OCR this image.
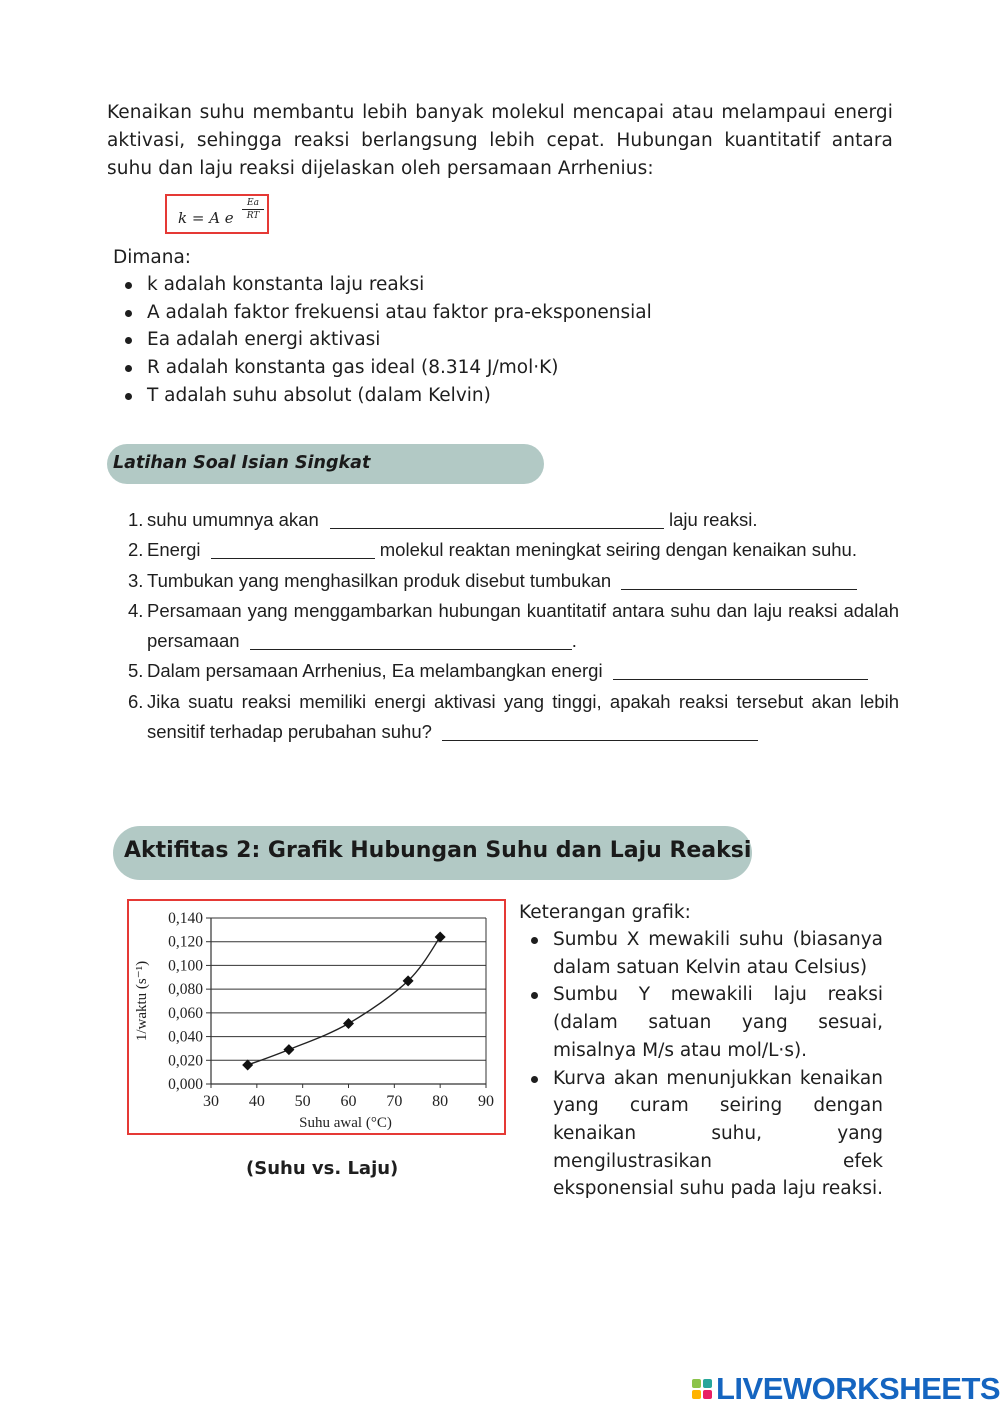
Kenaikan suhu membantu lebih banyak molekul mencapai atau melampaui energi aktivasi, sehingga reaksi berlangsung lebih cepat. Hubungan kuantitatif antara suhu dan laju reaksi dijelaskan oleh persamaan Arrhenius:

k = A e
Ea
RT
Dimana:
k adalah konstanta laju reaksi
A adalah faktor frekuensi atau faktor pra-eksponensial
Ea adalah energi aktivasi
R adalah konstanta gas ideal (8.314 J/mol·K)
T adalah suhu absolut (dalam Kelvin)
Latihan Soal Isian Singkat
1. suhu umumnya akan	laju reaksi.
2. Energi	molekul reaktan meningkat seiring dengan kenaikan suhu.
3. Tumbukan yang menghasilkan produk disebut tumbukan
4. Persamaan yang menggambarkan hubungan kuantitatif antara suhu dan laju reaksi adalah persamaan	.
5. Dalam persamaan Arrhenius, Ea melambangkan energi
6. Jika suatu reaksi memiliki energi aktivasi yang tinggi, apakah reaksi tersebut akan lebih sensitif terhadap perubahan suhu?
Aktifitas 2: Grafik Hubungan Suhu dan Laju Reaksi
0,000
0,020
0,040
0,060
0,080
0,100
0,120
0,140
30 40 50 60 70 80 90
Suhu awal (°C)
1/waktu (s⁻¹)
(Suhu vs. Laju)
Keterangan grafik:
Sumbu X mewakili suhu (biasanya dalam satuan Kelvin atau Celsius)
Sumbu Y mewakili laju reaksi (dalam satuan yang sesuai, misalnya M/s atau mol/L·s).
Kurva akan menunjukkan kenaikan yang curam seiring dengan kenaikan suhu, yang mengilustrasikan efek eksponensial suhu pada laju reaksi.
LIVEWORKSHEETS
